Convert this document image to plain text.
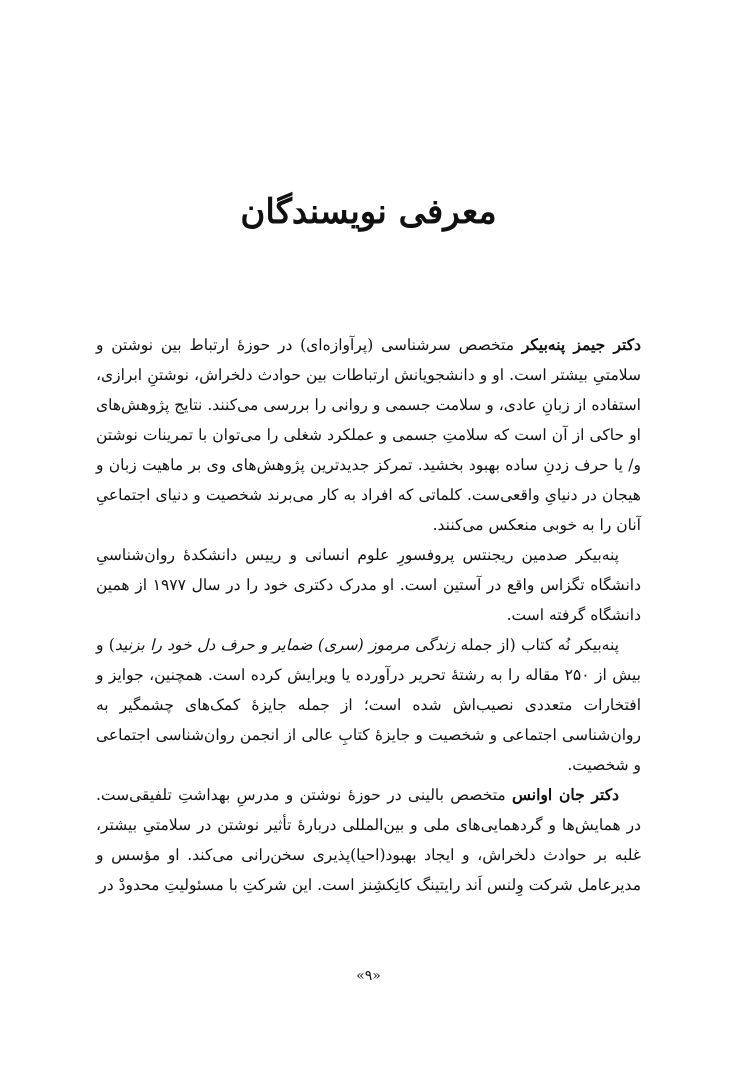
معرفی نویسندگان

دکتر جیمز پنه‌بیکر متخصص سرشناسی (پرآوازه‌ای) در حوزهٔ ارتباط بین نوشتن و سلامتیِ بیشتر است. او و دانشجویانش ارتباطات بین حوادث دلخراش، نوشتنِ ابرازی، استفاده از زبانِ عادی، و سلامت جسمی و روانی را بررسی می‌کنند. نتایج پژوهش‌های او حاکی از آن است که سلامتِ جسمی و عملکرد شغلی را می‌توان با تمرینات نوشتن و/ یا حرف زدنِ ساده بهبود بخشید. تمرکز جدیدترین پژوهش‌های وی بر ماهیت زبان و هیجان در دنیایِ واقعی‌ست. کلماتی که افراد به کار می‌برند شخصیت و دنیای اجتماعیِ آنان را به خوبی منعکس می‌کنند.

پنه‌بیکر صدمین ریجنتس پروفسورِ علوم انسانی و رییس دانشکدهٔ روان‌شناسیِ دانشگاه تگزاس واقع در آستین است. او مدرک دکتری خود را در سال ۱۹۷۷ از همین دانشگاه گرفته است.

پنه‌بیکر نُه کتاب (از جمله زندگی مرموز (سری) ضمایر و حرف دل خود را بزنید) و بیش از ۲۵۰ مقاله را به رشتهٔ تحریر درآورده یا ویرایش کرده است. همچنین، جوایز و افتخارات متعددی نصیب‌اش شده است؛ از جمله جایزهٔ کمک‌های چشمگیر به روان‌شناسی اجتماعی و شخصیت و جایزهٔ کتابِ عالی از انجمن روان‌شناسی اجتماعی و شخصیت.

دکتر جان اوانس متخصص بالینی در حوزهٔ نوشتن و مدرسِ بهداشتِ تلفیقی‌ست. در همایش‌ها و گردهمایی‌های ملی و بین‌المللی دربارهٔ تأثیر نوشتن در سلامتیِ بیشتر، غلبه بر حوادث دلخراش، و ایجاد بهبود(احیا)پذیری سخن‌رانی می‌کند. او مؤسس و مدیرعامل شرکت وِلنس اَند رایتینگ کانِکشِنز است. این شرکتِ با مسئولیتِ محدودْ در

«۹»
